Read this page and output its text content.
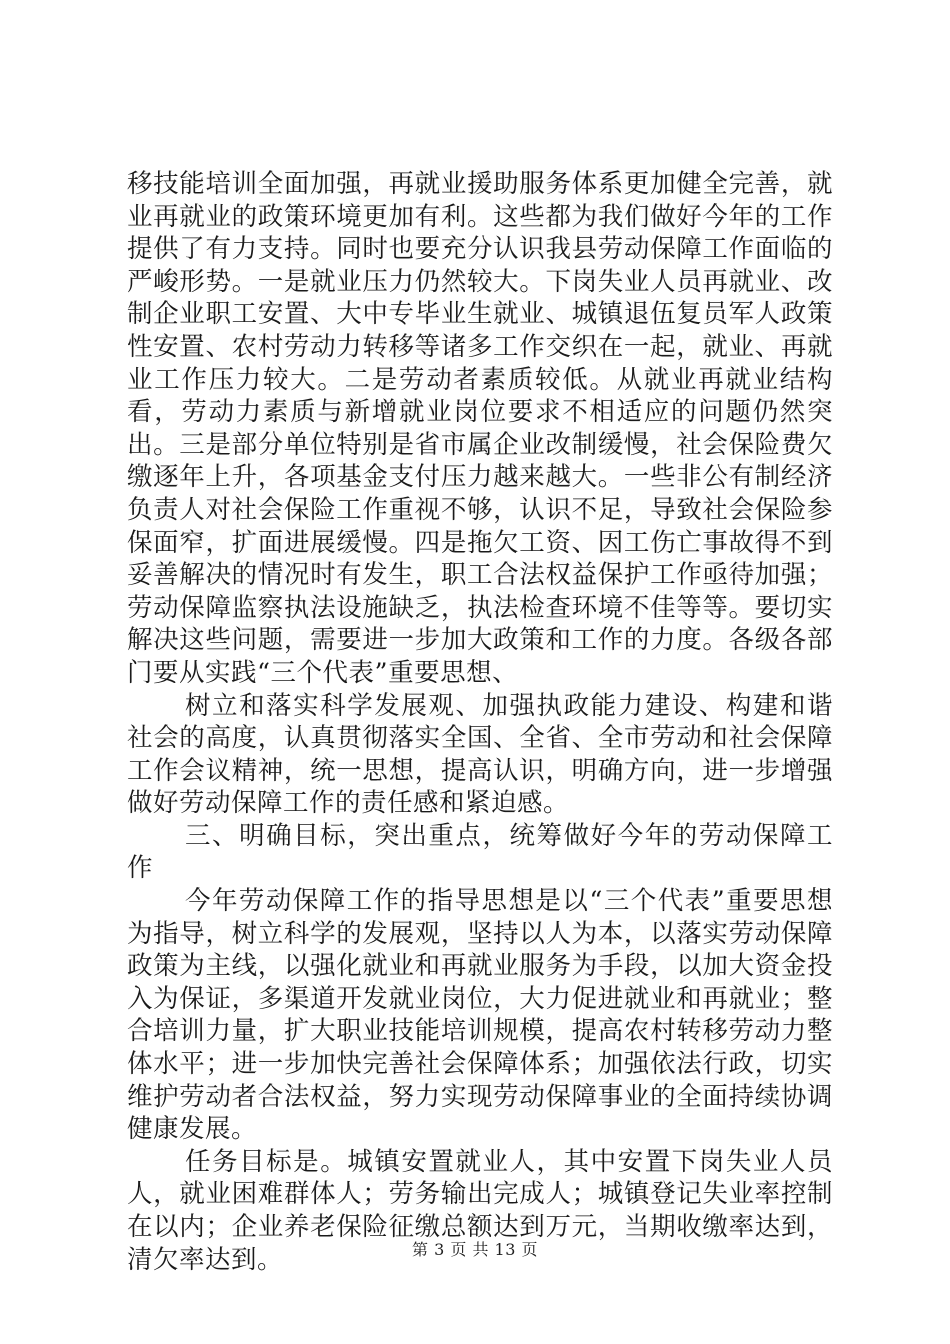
移技能培训全面加强，再就业援助服务体系更加健全完善，就业再就业的政策环境更加有利。这些都为我们做好今年的工作提供了有力支持。同时也要充分认识我县劳动保障工作面临的严峻形势。一是就业压力仍然较大。下岗失业人员再就业、改制企业职工安置、大中专毕业生就业、城镇退伍复员军人政策性安置、农村劳动力转移等诸多工作交织在一起，就业、再就业工作压力较大。二是劳动者素质较低。从就业再就业结构看，劳动力素质与新增就业岗位要求不相适应的问题仍然突出。三是部分单位特别是省市属企业改制缓慢，社会保险费欠缴逐年上升，各项基金支付压力越来越大。一些非公有制经济负责人对社会保险工作重视不够，认识不足，导致社会保险参保面窄，扩面进展缓慢。四是拖欠工资、因工伤亡事故得不到妥善解决的情况时有发生，职工合法权益保护工作亟待加强；劳动保障监察执法设施缺乏，执法检查环境不佳等等。要切实解决这些问题，需要进一步加大政策和工作的力度。各级各部门要从实践“三个代表”重要思想、

树立和落实科学发展观、加强执政能力建设、构建和谐社会的高度，认真贯彻落实全国、全省、全市劳动和社会保障工作会议精神，统一思想，提高认识，明确方向，进一步增强做好劳动保障工作的责任感和紧迫感。

三、明确目标，突出重点，统筹做好今年的劳动保障工作

今年劳动保障工作的指导思想是以“三个代表”重要思想为指导，树立科学的发展观，坚持以人为本，以落实劳动保障政策为主线，以强化就业和再就业服务为手段，以加大资金投入为保证，多渠道开发就业岗位，大力促进就业和再就业；整合培训力量，扩大职业技能培训规模，提高农村转移劳动力整体水平；进一步加快完善社会保障体系；加强依法行政，切实维护劳动者合法权益，努力实现劳动保障事业的全面持续协调健康发展。

任务目标是。城镇安置就业人，其中安置下岗失业人员人，就业困难群体人；劳务输出完成人；城镇登记失业率控制在以内；企业养老保险征缴总额达到万元，当期收缴率达到，清欠率达到。	第 3 页 共 13 页
